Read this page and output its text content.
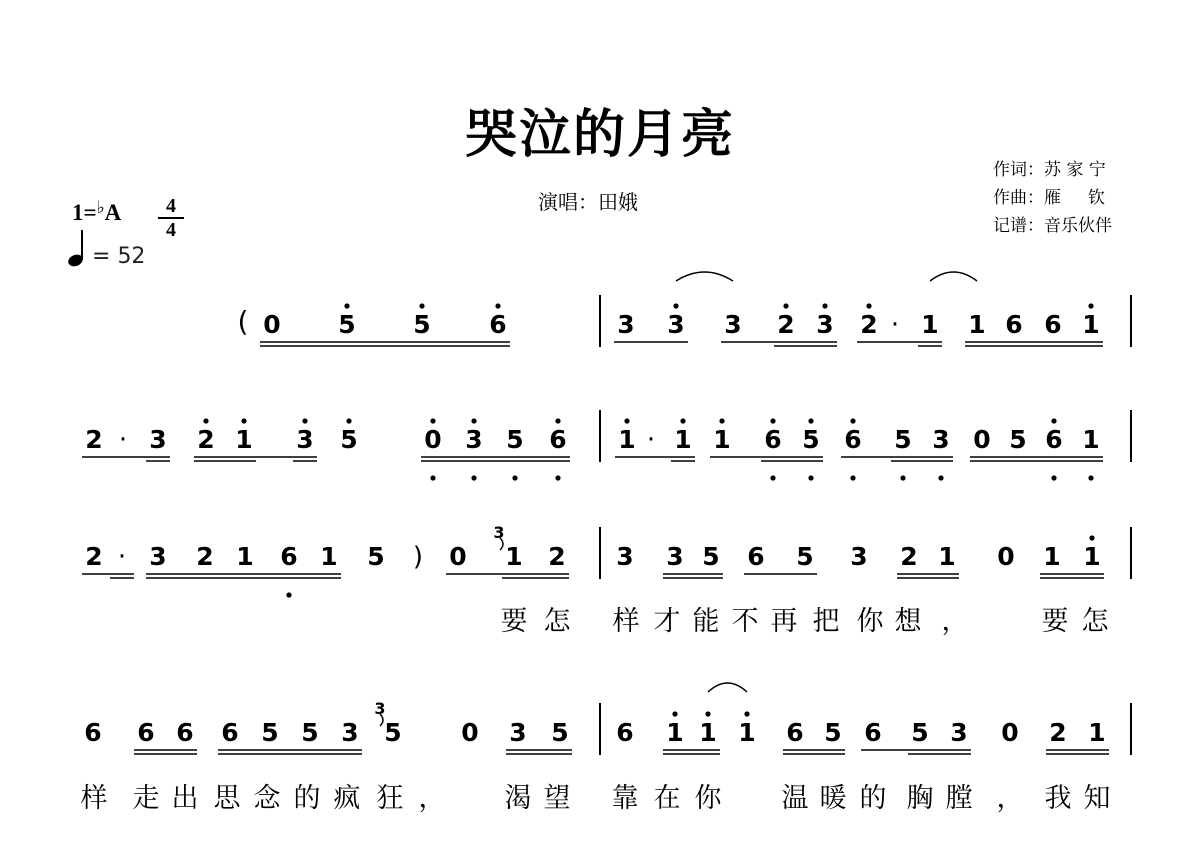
哭泣的月亮
演唱：田娥
作词：苏 家 宁
作曲：雁     钦
记谱：音乐伙伴
1=♭A	4
4
= 52
( 0 5 5 6	3 3 3 2 3 2 · 1 1 6 6 1
2 · 3 2 1 3 5	0 3 5 6 1 · 1 1 6 5 6 5 3 0 5 6 1
2 · 3 2 1 6 1 5 ) 0
3
1 2 3 3 5 6 5 3 2 1 0 1 1
要 怎 样 才 能 不 再 把 你 想 ，	要 怎
6 6 6 6 5 5 3
3
5 0 3 5 6 1 1 1 6 5 6 5 3 0 2 1
样 走 出 思 念 的 疯 狂 ， 渴 望 靠 在 你 温 暖 的 胸 膛 ， 我 知
